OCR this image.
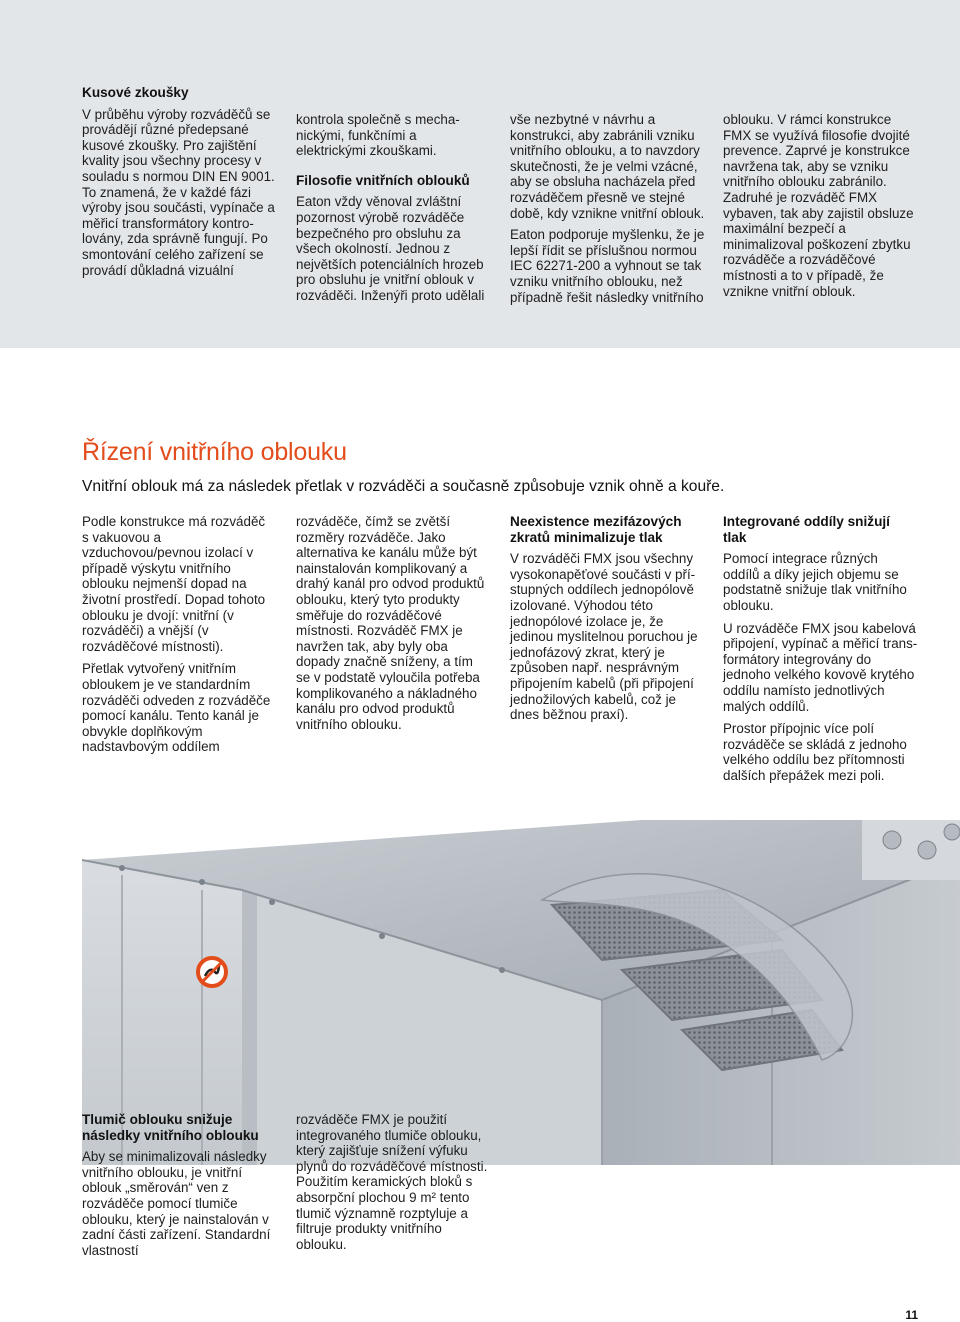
Kusové zkoušky

V průběhu výroby rozváděčů se
provádějí různé předepsané
kusové zkoušky. Pro zajištění
kvality jsou všechny procesy v
souladu s normou DIN EN 9001.
To znamená, že v každé fázi
výroby jsou součásti, vypínače a
měřicí transformátory kontro-
lovány, zda správně fungují. Po
smontování celého zařízení se
provádí důkladná vizuální

kontrola společně s mecha-
nickými, funkčními a
elektrickými zkouškami.

Filosofie vnitřních oblouků

Eaton vždy věnoval zvláštní
pozornost výrobě rozváděče
bezpečného pro obsluhu za
všech okolností. Jednou z
největších potenciálních hrozeb
pro obsluhu je vnitřní oblouk v
rozváděči. Inženýři proto udělali

vše nezbytné v návrhu a
konstrukci, aby zabránili vzniku
vnitřního oblouku, a to navzdory
skutečnosti, že je velmi vzácné,
aby se obsluha nacházela před
rozváděčem přesně ve stejné
době, kdy vznikne vnitřní oblouk.

Eaton podporuje myšlenku, že je
lepší řídit se příslušnou normou
IEC 62271-200 a vyhnout se tak
vzniku vnitřního oblouku, než
případně řešit následky vnitřního

oblouku. V rámci konstrukce
FMX se využívá filosofie dvojité
prevence. Zaprvé je konstrukce
navržena tak, aby se vzniku
vnitřního oblouku zabránilo.
Zadruhé je rozváděč FMX
vybaven, tak aby zajistil obsluze
maximální bezpečí a
minimalizoval poškození zbytku
rozváděče a rozváděčové
místnosti a to v případě, že
vznikne vnitřní oblouk.

Řízení vnitřního oblouku
Vnitřní oblouk má za následek přetlak v rozváděči a současně způsobuje vznik ohně a kouře.

Podle konstrukce má rozváděč
s vakuovou a
vzduchovou/pevnou izolací v
případě výskytu vnitřního
oblouku nejmenší dopad na
životní prostředí. Dopad tohoto
oblouku je dvojí: vnitřní (v
rozváděči) a vnější (v
rozváděčové místnosti).

Přetlak vytvořený vnitřním
obloukem je ve standardním
rozváděči odveden z rozváděče
pomocí kanálu. Tento kanál je
obvykle doplňkovým
nadstavbovým oddílem

rozváděče, čímž se zvětší
rozměry rozváděče. Jako
alternativa ke kanálu může být
nainstalován komplikovaný a
drahý kanál pro odvod produktů
oblouku, který tyto produkty
směřuje do rozváděčové
místnosti. Rozváděč FMX je
navržen tak, aby byly oba
dopady značně sníženy, a tím
se v podstatě vyloučila potřeba
komplikovaného a nákladného
kanálu pro odvod produktů
vnitřního oblouku.

Neexistence mezifázových
zkratů minimalizuje tlak

V rozváděči FMX jsou všechny
vysokonapěťové součásti v pří-
stupných oddílech jednopólově
izolované. Výhodou této
jednopólové izolace je, že
jedinou myslitelnou poruchou je
jednofázový zkrat, který je
způsoben např. nesprávným
připojením kabelů (při připojení
jednožilových kabelů, což je
dnes běžnou praxí).

Integrované oddíly snižují
tlak

Pomocí integrace různých
oddílů a díky jejich objemu se
podstatně snižuje tlak vnitřního
oblouku.

U rozváděče FMX jsou kabelová
připojení, vypínač a měřicí trans-
formátory integrovány do
jednoho velkého kovově krytého
oddílu namísto jednotlivých
malých oddílů.

Prostor přípojnic více polí
rozváděče se skládá z jednoho
velkého oddílu bez přítomnosti
dalších přepážek mezi poli.

Tlumič oblouku snižuje
následky vnitřního oblouku

Aby se minimalizovali následky
vnitřního oblouku, je vnitřní
oblouk „směrován“ ven z
rozváděče pomocí tlumiče
oblouku, který je nainstalován v
zadní části zařízení. Standardní
vlastností

rozváděče FMX je použití
integrovaného tlumiče oblouku,
který zajišťuje snížení výfuku
plynů do rozváděčové místnosti.
Použitím keramických bloků s
absorpční plochou 9 m² tento
tlumič významně rozptyluje a
filtruje produkty vnitřního
oblouku.

11
